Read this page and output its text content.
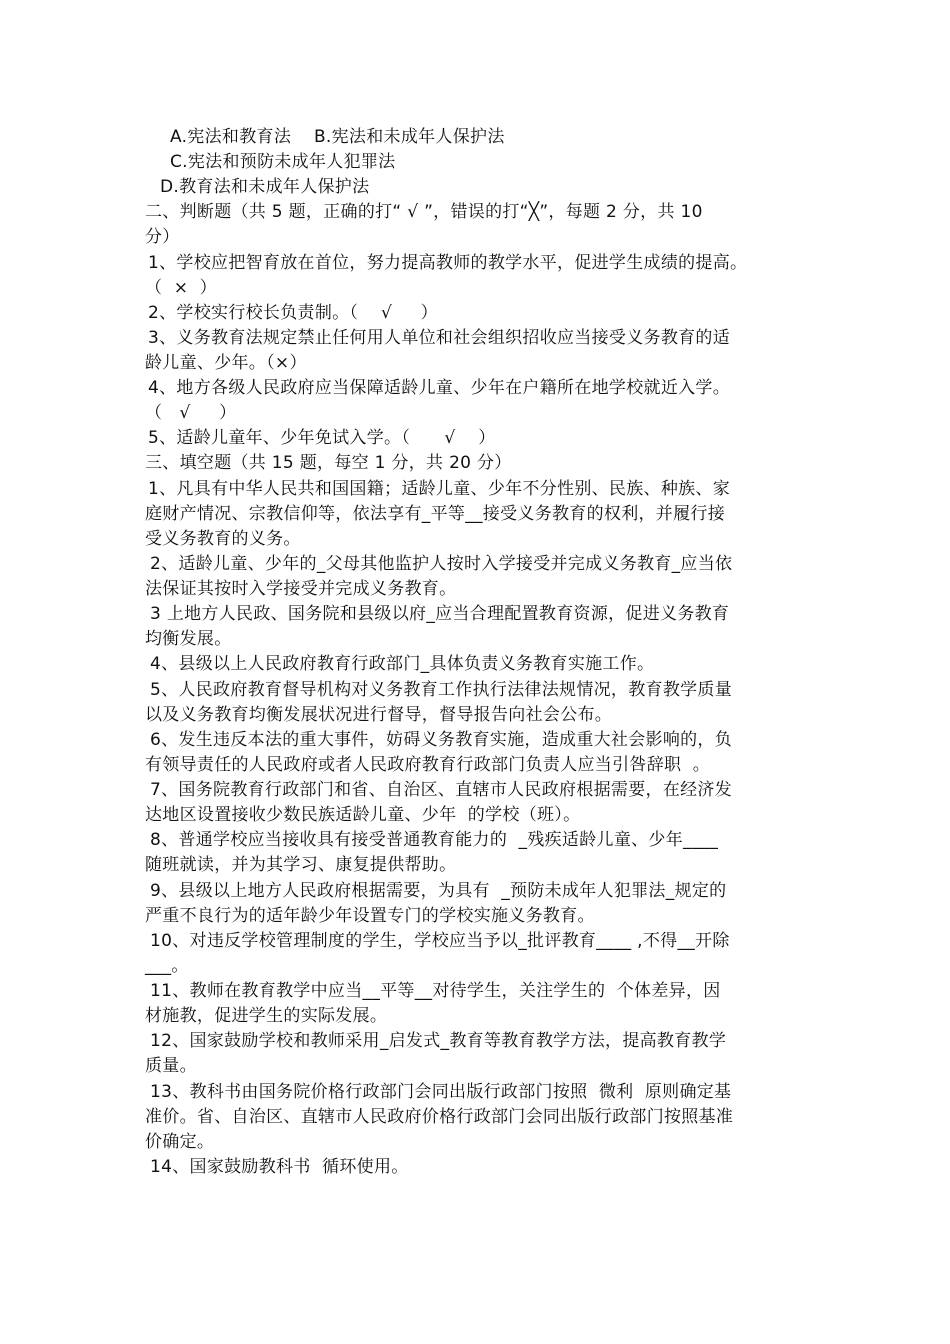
A.宪法和教育法    B.宪法和未成年人保护法
C.宪法和预防未成年人犯罪法
D.教育法和未成年人保护法
二、判断题（共 5 题，正确的打“ √ ”，错误的打“╳”，每题 2 分，共 10
分）
1、学校应把智育放在首位，努力提高教师的教学水平，促进学生成绩的提高。
（  ×  ）
2、学校实行校长负责制。（    √     ）
3、义务教育法规定禁止任何用人单位和社会组织招收应当接受义务教育的适
龄儿童、少年。（×）
4、地方各级人民政府应当保障适龄儿童、少年在户籍所在地学校就近入学。
（   √     ）
5、适龄儿童年、少年免试入学。（      √    ）
三、填空题（共 15 题，每空 1 分，共 20 分）
1、凡具有中华人民共和国国籍；适龄儿童、少年不分性别、民族、种族、家
庭财产情况、宗教信仰等，依法享有_平等__接受义务教育的权利，并履行接
受义务教育的义务。
2、适龄儿童、少年的_父母其他监护人按时入学接受并完成义务教育_应当依
法保证其按时入学接受并完成义务教育。
3 上地方人民政、国务院和县级以府_应当合理配置教育资源，促进义务教育
均衡发展。
4、县级以上人民政府教育行政部门_具体负责义务教育实施工作。
5、人民政府教育督导机构对义务教育工作执行法律法规情况，教育教学质量
以及义务教育均衡发展状况进行督导，督导报告向社会公布。
6、发生违反本法的重大事件，妨碍义务教育实施，造成重大社会影响的，负
有领导责任的人民政府或者人民政府教育行政部门负责人应当引咎辞职  。
7、国务院教育行政部门和省、自治区、直辖市人民政府根据需要，在经济发
达地区设置接收少数民族适龄儿童、少年  的学校（班）。
8、普通学校应当接收具有接受普通教育能力的  _残疾适龄儿童、少年____
随班就读，并为其学习、康复提供帮助。
9、县级以上地方人民政府根据需要，为具有  _预防未成年人犯罪法_规定的
严重不良行为的适年龄少年设置专门的学校实施义务教育。
10、对违反学校管理制度的学生，学校应当予以_批评教育____ ,不得__开除
___。
11、教师在教育教学中应当__平等__对待学生，关注学生的  个体差异，因
材施教，促进学生的实际发展。
12、国家鼓励学校和教师采用_启发式_教育等教育教学方法，提高教育教学
质量。
13、教科书由国务院价格行政部门会同出版行政部门按照  微利  原则确定基
准价。省、自治区、直辖市人民政府价格行政部门会同出版行政部门按照基准
价确定。
14、国家鼓励教科书  循环使用。
